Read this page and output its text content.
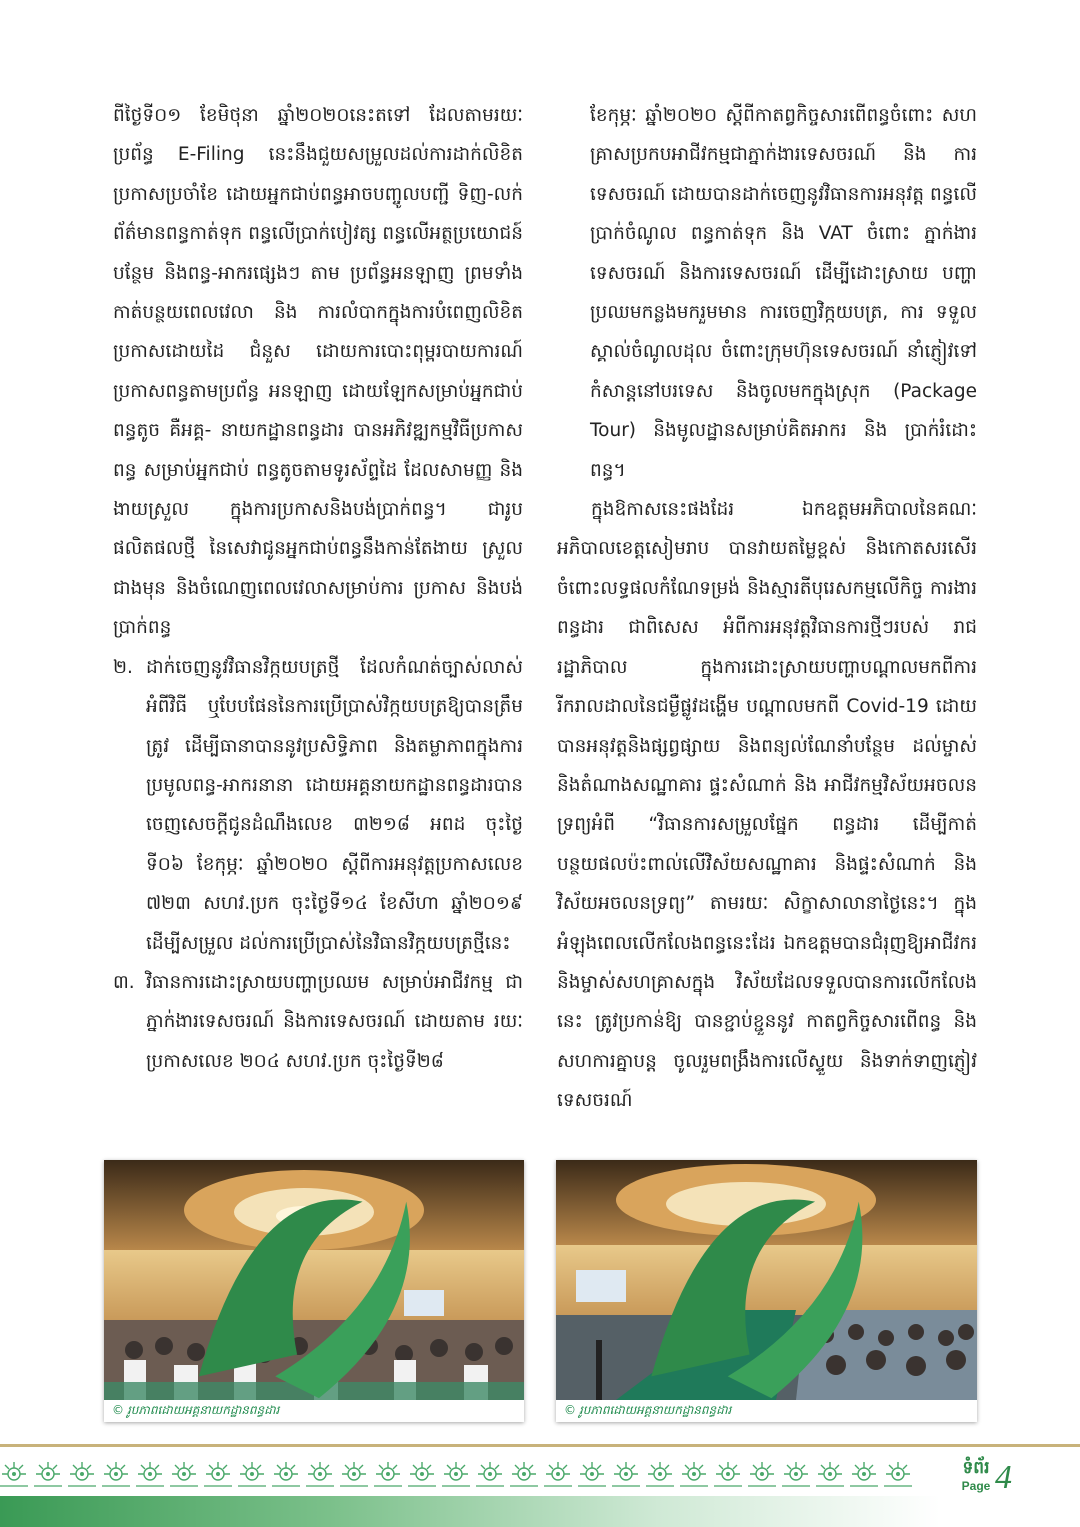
ពីថ្ងៃទី០១ ខែមិថុនា ឆ្នាំ២០២០នេះតទៅ ដែលតាមរយៈ ប្រព័ន្ធ E-Filing នេះនឹងជួយសម្រួលដល់ការដាក់លិខិត ប្រកាសប្រចាំខែ ដោយអ្នកជាប់ពន្ធអាចបញ្ចូលបញ្ជី ទិញ-លក់ ព័ត៌មានពន្ធកាត់ទុក ពន្ធលើប្រាក់បៀវត្ស ពន្ធលើអត្ថប្រយោជន៍បន្ថែម និងពន្ធ-អាករផ្សេងៗ តាម ប្រព័ន្ធអនឡាញ ព្រមទាំងកាត់បន្ថយពេលវេលា និង ការលំបាកក្នុងការបំពេញលិខិតប្រកាសដោយដៃ ជំនួស ដោយការបោះពុម្ពរបាយការណ៍ ប្រកាសពន្ធតាមប្រព័ន្ធ អនឡាញ ដោយឡែកសម្រាប់អ្នកជាប់ពន្ធតូច គឺអគ្គ- នាយកដ្ឋានពន្ធដារ បានអភិវឌ្ឍកម្មវិធីប្រកាសពន្ធ សម្រាប់អ្នកជាប់ ពន្ធតូចតាមទូរស័ព្ទដៃ ដែលសាមញ្ញ និងងាយស្រួល ក្នុងការប្រកាសនិងបង់ប្រាក់ពន្ធ។ ជារូប ផលិតផលថ្មី នៃសេវាជូនអ្នកជាប់ពន្ធនឹងកាន់តែងាយ ស្រួលជាងមុន និងចំណេញពេលវេលាសម្រាប់ការ ប្រកាស និងបង់ប្រាក់ពន្ធ

២. ដាក់ចេញនូវវិធានវិក្កយបត្រថ្មី ដែលកំណត់ច្បាស់លាស់ អំពីវិធី ឬបែបផែននៃការប្រើប្រាស់វិក្កយបត្រឱ្យបានត្រឹម ត្រូវ ដើម្បីធានាបាននូវប្រសិទ្ធិភាព និងតម្លាភាពក្នុងការ ប្រមូលពន្ធ-អាករនានា ដោយអគ្គនាយកដ្ឋានពន្ធដារបាន ចេញសេចក្តីជូនដំណឹងលេខ ៣២១៨ អពដ ចុះថ្ងៃ ទី០៦ ខែកុម្ភៈ ឆ្នាំ២០២០ ស្តីពីការអនុវត្តប្រកាសលេខ ៧២៣ សហវ.ប្រក ចុះថ្ងៃទី១៤ ខែសីហា ឆ្នាំ២០១៩ ដើម្បីសម្រួល ដល់ការប្រើប្រាស់នៃវិធានវិក្កយបត្រថ្មីនេះ
៣. វិធានការដោះស្រាយបញ្ហាប្រឈម សម្រាប់អាជីវកម្ម ជាភ្នាក់ងារទេសចរណ៍ និងការទេសចរណ៍ ដោយតាម រយៈប្រកាសលេខ ២០៤ សហវ.ប្រក ចុះថ្ងៃទី២៨

ខែកុម្ភៈ ឆ្នាំ២០២០ ស្តីពីកាតព្វកិច្ចសារពើពន្ធចំពោះ សហគ្រាសប្រកបអាជីវកម្មជាភ្នាក់ងារទេសចរណ៍ និង ការទេសចរណ៍ ដោយបានដាក់ចេញនូវវិធានការអនុវត្ត ពន្ធលើប្រាក់ចំណូល ពន្ធកាត់ទុក និង VAT ចំពោះ ភ្នាក់ងារទេសចរណ៍ និងការទេសចរណ៍ ដើម្បីដោះស្រាយ បញ្ហាប្រឈមកន្លងមករួមមាន ការចេញវិក្កយបត្រ, ការ ទទួលស្គាល់ចំណូលដុល ចំពោះក្រុមហ៊ុនទេសចរណ៍ នាំភ្ញៀវទៅកំសាន្តនៅបរទេស និងចូលមកក្នុងស្រុក (Package Tour) និងមូលដ្ឋានសម្រាប់គិតអាករ និង ប្រាក់រំដោះពន្ធ។

ក្នុងឱកាសនេះផងដែរ ឯកឧត្តមអភិបាលនៃគណៈ អភិបាលខេត្តសៀមរាប បានវាយតម្លៃខ្ពស់ និងកោតសរសើរ ចំពោះលទ្ធផលកំណែទម្រង់ និងស្មារតីបុរេសកម្មលើកិច្ច ការងារពន្ធដារ ជាពិសេស អំពីការអនុវត្តវិធានការថ្មីៗរបស់ រាជរដ្ឋាភិបាល ក្នុងការដោះស្រាយបញ្ហាបណ្តាលមកពីការ រីករាលដាលនៃជម្ងឺផ្លូវដង្ហើម បណ្តាលមកពី Covid-19 ដោយបានអនុវត្តនិងផ្សព្វផ្សាយ និងពន្យល់ណែនាំបន្ថែម ដល់ម្ចាស់និងតំណាងសណ្ឋាគារ ផ្ទះសំណាក់ និង អាជីវកម្មវិស័យអចលនទ្រព្យអំពី “វិធានការសម្រួលផ្នែក ពន្ធដារ ដើម្បីកាត់បន្ថយផលប៉ះពាល់លើវិស័យសណ្ឋាគារ និងផ្ទះសំណាក់ និងវិស័យអចលនទ្រព្យ” តាមរយៈ សិក្ខាសាលានាថ្ងៃនេះ។ ក្នុងអំឡុងពេលលើកលែងពន្ធនេះដែរ ឯកឧត្តមបានជំរុញឱ្យអាជីវករ និងម្ចាស់សហគ្រាសក្នុង វិស័យដែលទទួលបានការលើកលែងនេះ ត្រូវប្រកាន់ឱ្យ បានខ្ជាប់ខ្ជួននូវ កាតព្វកិច្ចសារពើពន្ធ និងសហការគ្នាបន្ត ចូលរួមពង្រឹងការលើស្ទួយ និងទាក់ទាញភ្ញៀវទេសចរណ៍

© រូបភាពដោយអគ្គនាយកដ្ឋានពន្ធដារ	© រូបភាពដោយអគ្គនាយកដ្ឋានពន្ធដារ
ទំព័រ
Page 4
